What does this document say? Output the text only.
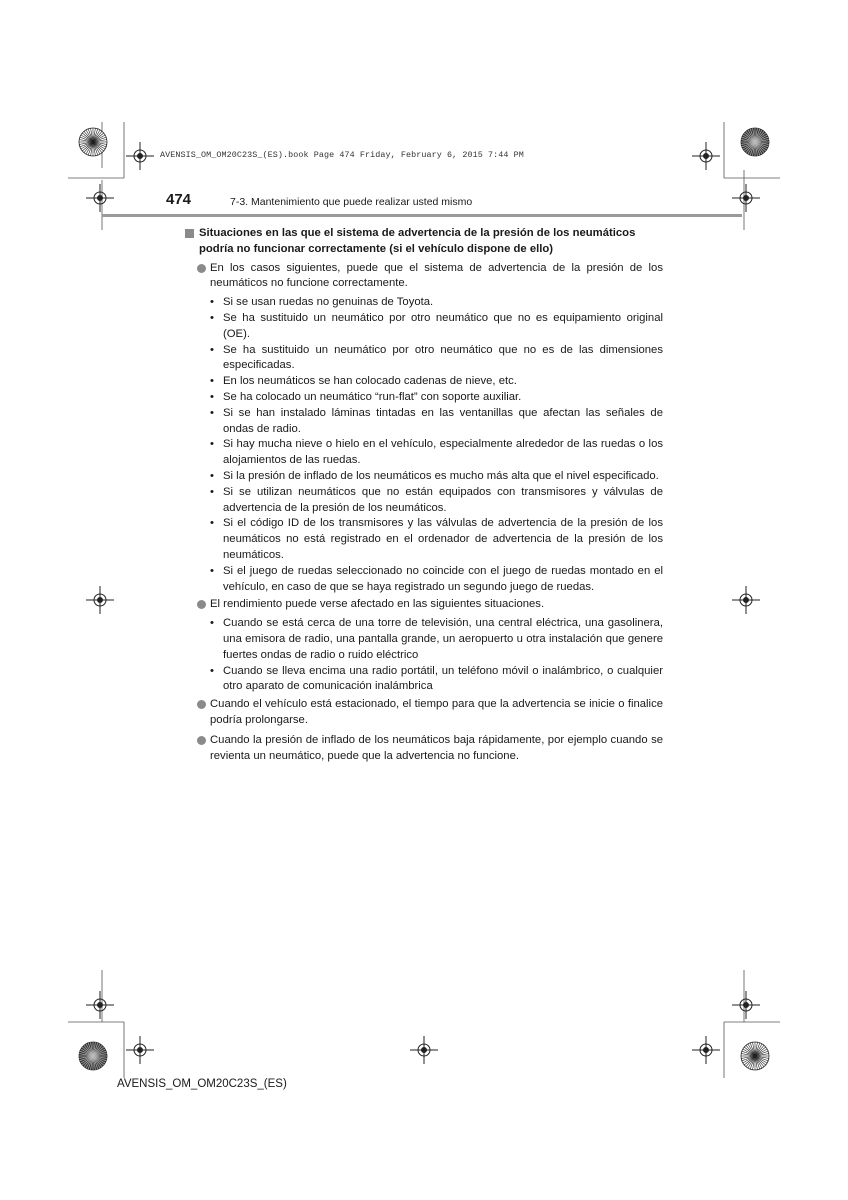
AVENSIS_OM_OM20C23S_(ES).book Page 474 Friday, February 6, 2015 7:44 PM
474	7-3. Mantenimiento que puede realizar usted mismo
Situaciones en las que el sistema de advertencia de la presión de los neumáticos podría no funcionar correctamente (si el vehículo dispone de ello)
En los casos siguientes, puede que el sistema de advertencia de la presión de los neumáticos no funcione correctamente.
• Si se usan ruedas no genuinas de Toyota.
• Se ha sustituido un neumático por otro neumático que no es equipamiento original (OE).
• Se ha sustituido un neumático por otro neumático que no es de las dimensiones especificadas.
• En los neumáticos se han colocado cadenas de nieve, etc.
• Se ha colocado un neumático “run-flat” con soporte auxiliar.
• Si se han instalado láminas tintadas en las ventanillas que afectan las señales de ondas de radio.
• Si hay mucha nieve o hielo en el vehículo, especialmente alrededor de las ruedas o los alojamientos de las ruedas.
• Si la presión de inflado de los neumáticos es mucho más alta que el nivel especificado.
• Si se utilizan neumáticos que no están equipados con transmisores y válvulas de advertencia de la presión de los neumáticos.
• Si el código ID de los transmisores y las válvulas de advertencia de la presión de los neumáticos no está registrado en el ordenador de advertencia de la presión de los neumáticos.
• Si el juego de ruedas seleccionado no coincide con el juego de ruedas montado en el vehículo, en caso de que se haya registrado un segundo juego de ruedas.
El rendimiento puede verse afectado en las siguientes situaciones.
• Cuando se está cerca de una torre de televisión, una central eléctrica, una gasolinera, una emisora de radio, una pantalla grande, un aeropuerto u otra instalación que genere fuertes ondas de radio o ruido eléctrico
• Cuando se lleva encima una radio portátil, un teléfono móvil o inalámbrico, o cualquier otro aparato de comunicación inalámbrica
Cuando el vehículo está estacionado, el tiempo para que la advertencia se inicie o finalice podría prolongarse.
Cuando la presión de inflado de los neumáticos baja rápidamente, por ejemplo cuando se revienta un neumático, puede que la advertencia no funcione.
AVENSIS_OM_OM20C23S_(ES)
